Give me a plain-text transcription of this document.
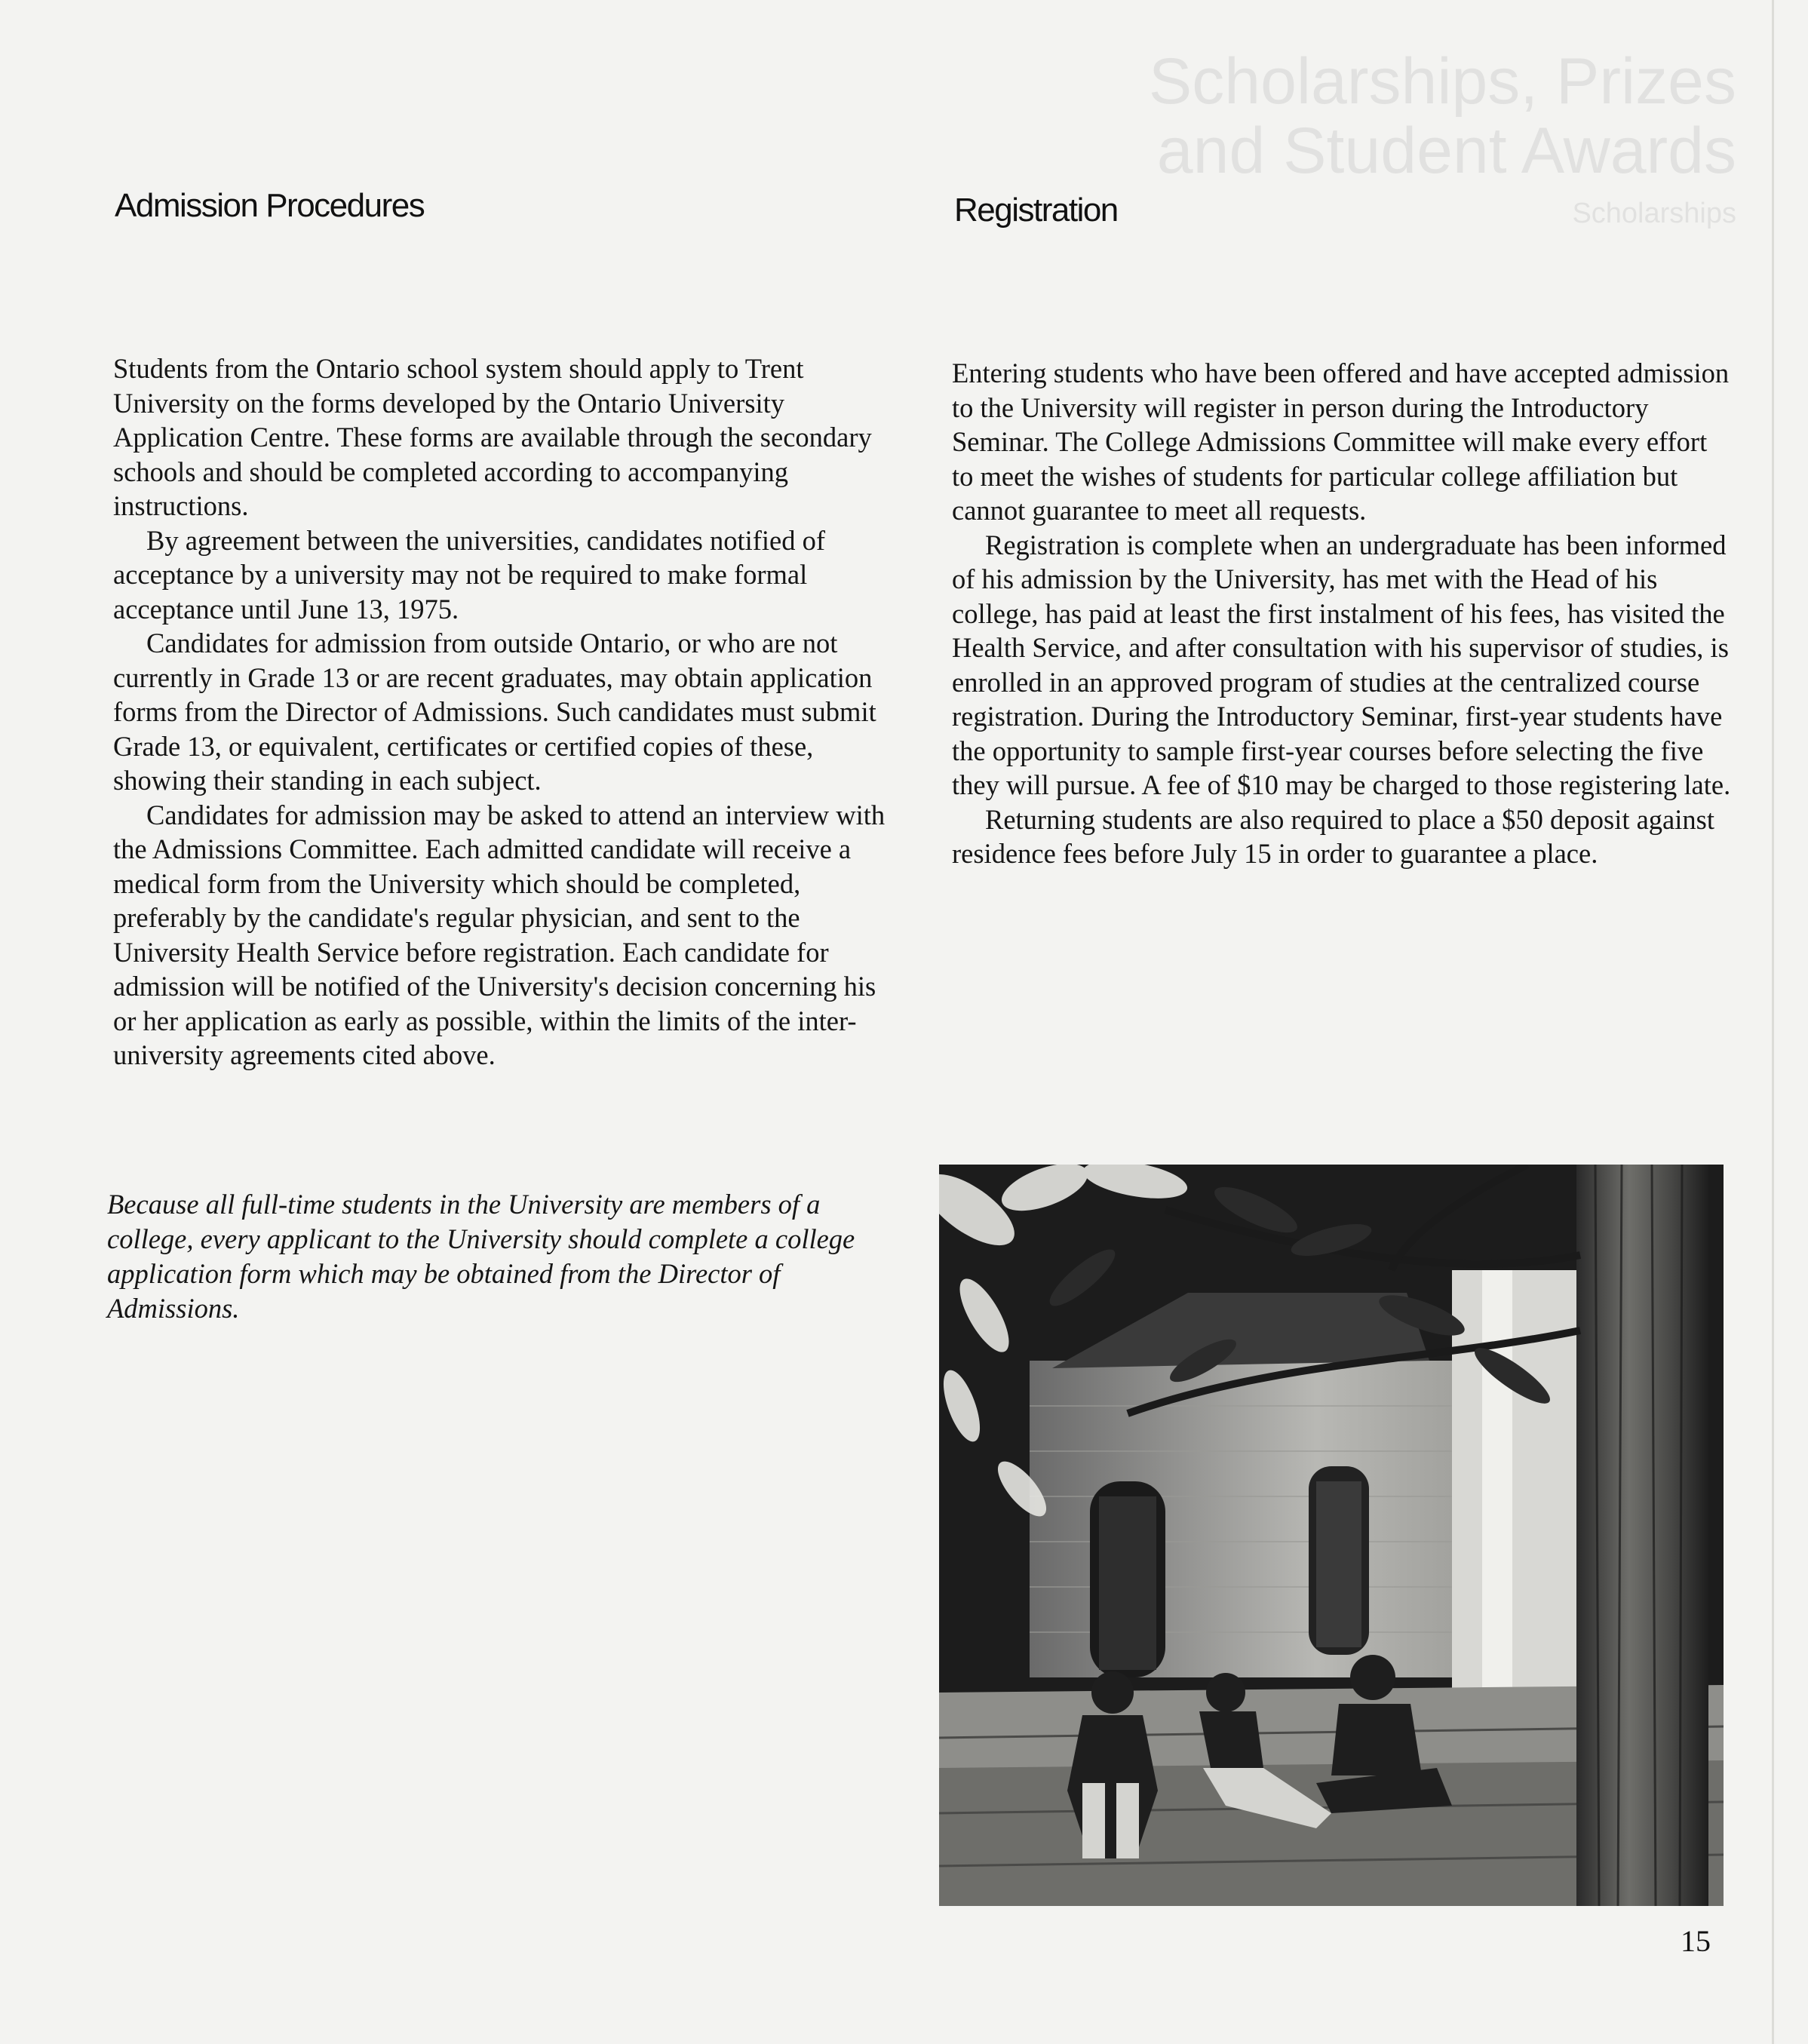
Scholarships, Prizes
and Student Awards
Scholarships
Admission Procedures	Registration

Students from the Ontario school system should apply to Trent University on the forms developed by the Ontario University Application Centre. These forms are available through the secondary schools and should be completed according to accompanying instructions.

By agreement between the universities, candidates notified of acceptance by a university may not be required to make formal acceptance until June 13, 1975.

Candidates for admission from outside Ontario, or who are not currently in Grade 13 or are recent graduates, may obtain application forms from the Director of Admissions. Such candidates must submit Grade 13, or equivalent, certificates or certified copies of these, showing their standing in each subject.

Candidates for admission may be asked to attend an interview with the Admissions Committee. Each admitted candidate will receive a medical form from the University which should be completed, preferably by the candidate's regular physician, and sent to the University Health Service before registration. Each candidate for admission will be notified of the University's decision concerning his or her application as early as possible, within the limits of the inter-university agreements cited above.

Because all full-time students in the University are members of a college, every applicant to the University should complete a college application form which may be obtained from the Director of Admissions.

Entering students who have been offered and have accepted admission to the University will register in person during the Introductory Seminar. The College Admissions Committee will make every effort to meet the wishes of students for particular college affiliation but cannot guarantee to meet all requests.

Registration is complete when an undergraduate has been informed of his admission by the University, has met with the Head of his college, has paid at least the first instalment of his fees, has visited the Health Service, and after consultation with his supervisor of studies, is enrolled in an approved program of studies at the centralized course registration. During the Introductory Seminar, first-year students have the opportunity to sample first-year courses before selecting the five they will pursue. A fee of $10 may be charged to those registering late.

Returning students are also required to place a $50 deposit against residence fees before July 15 in order to guarantee a place.

15
